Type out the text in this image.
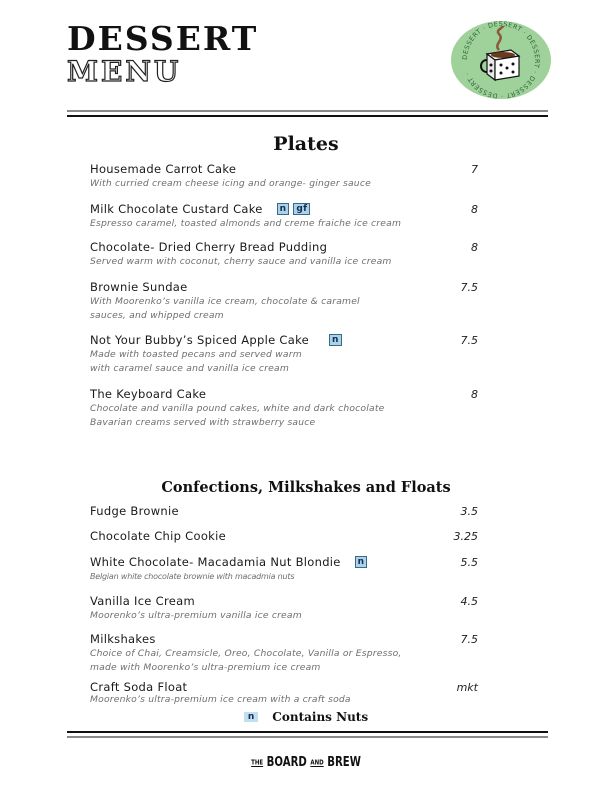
DESSERT
MENU	DESSERT · DESSERT · DESSERT · DESSERT · DESSERT ·
Plates
Housemade Carrot Cake	7
With curried cream cheese icing and orange- ginger sauce
Milk Chocolate Custard Cake	n	gf	8
Espresso caramel, toasted almonds and creme fraiche ice cream
Chocolate- Dried Cherry Bread Pudding	8
Served warm with coconut, cherry sauce and vanilla ice cream
Brownie Sundae	7.5
With Moorenko’s vanilla ice cream, chocolate & caramel
sauces, and whipped cream
Not Your Bubby’s Spiced Apple Cake	n	7.5
Made with toasted pecans and served warm
with caramel sauce and vanilla ice cream
The Keyboard Cake	8
Chocolate and vanilla pound cakes, white and dark chocolate
Bavarian creams served with strawberry sauce
Confections, Milkshakes and Floats
Fudge Brownie	3.5
Chocolate Chip Cookie	3.25
White Chocolate- Macadamia Nut Blondie	n	5.5
Belgian white chocolate brownie with macadmia nuts
Vanilla Ice Cream	4.5
Moorenko’s ultra-premium vanilla ice cream
Milkshakes	7.5
Choice of Chai, Creamsicle, Oreo, Chocolate, Vanilla or Espresso,
made with Moorenko’s ultra-premium ice cream
Craft Soda Float	mkt
Moorenko’s ultra-premium ice cream with a craft soda
n	Contains Nuts
THE BOARD AND BREW
